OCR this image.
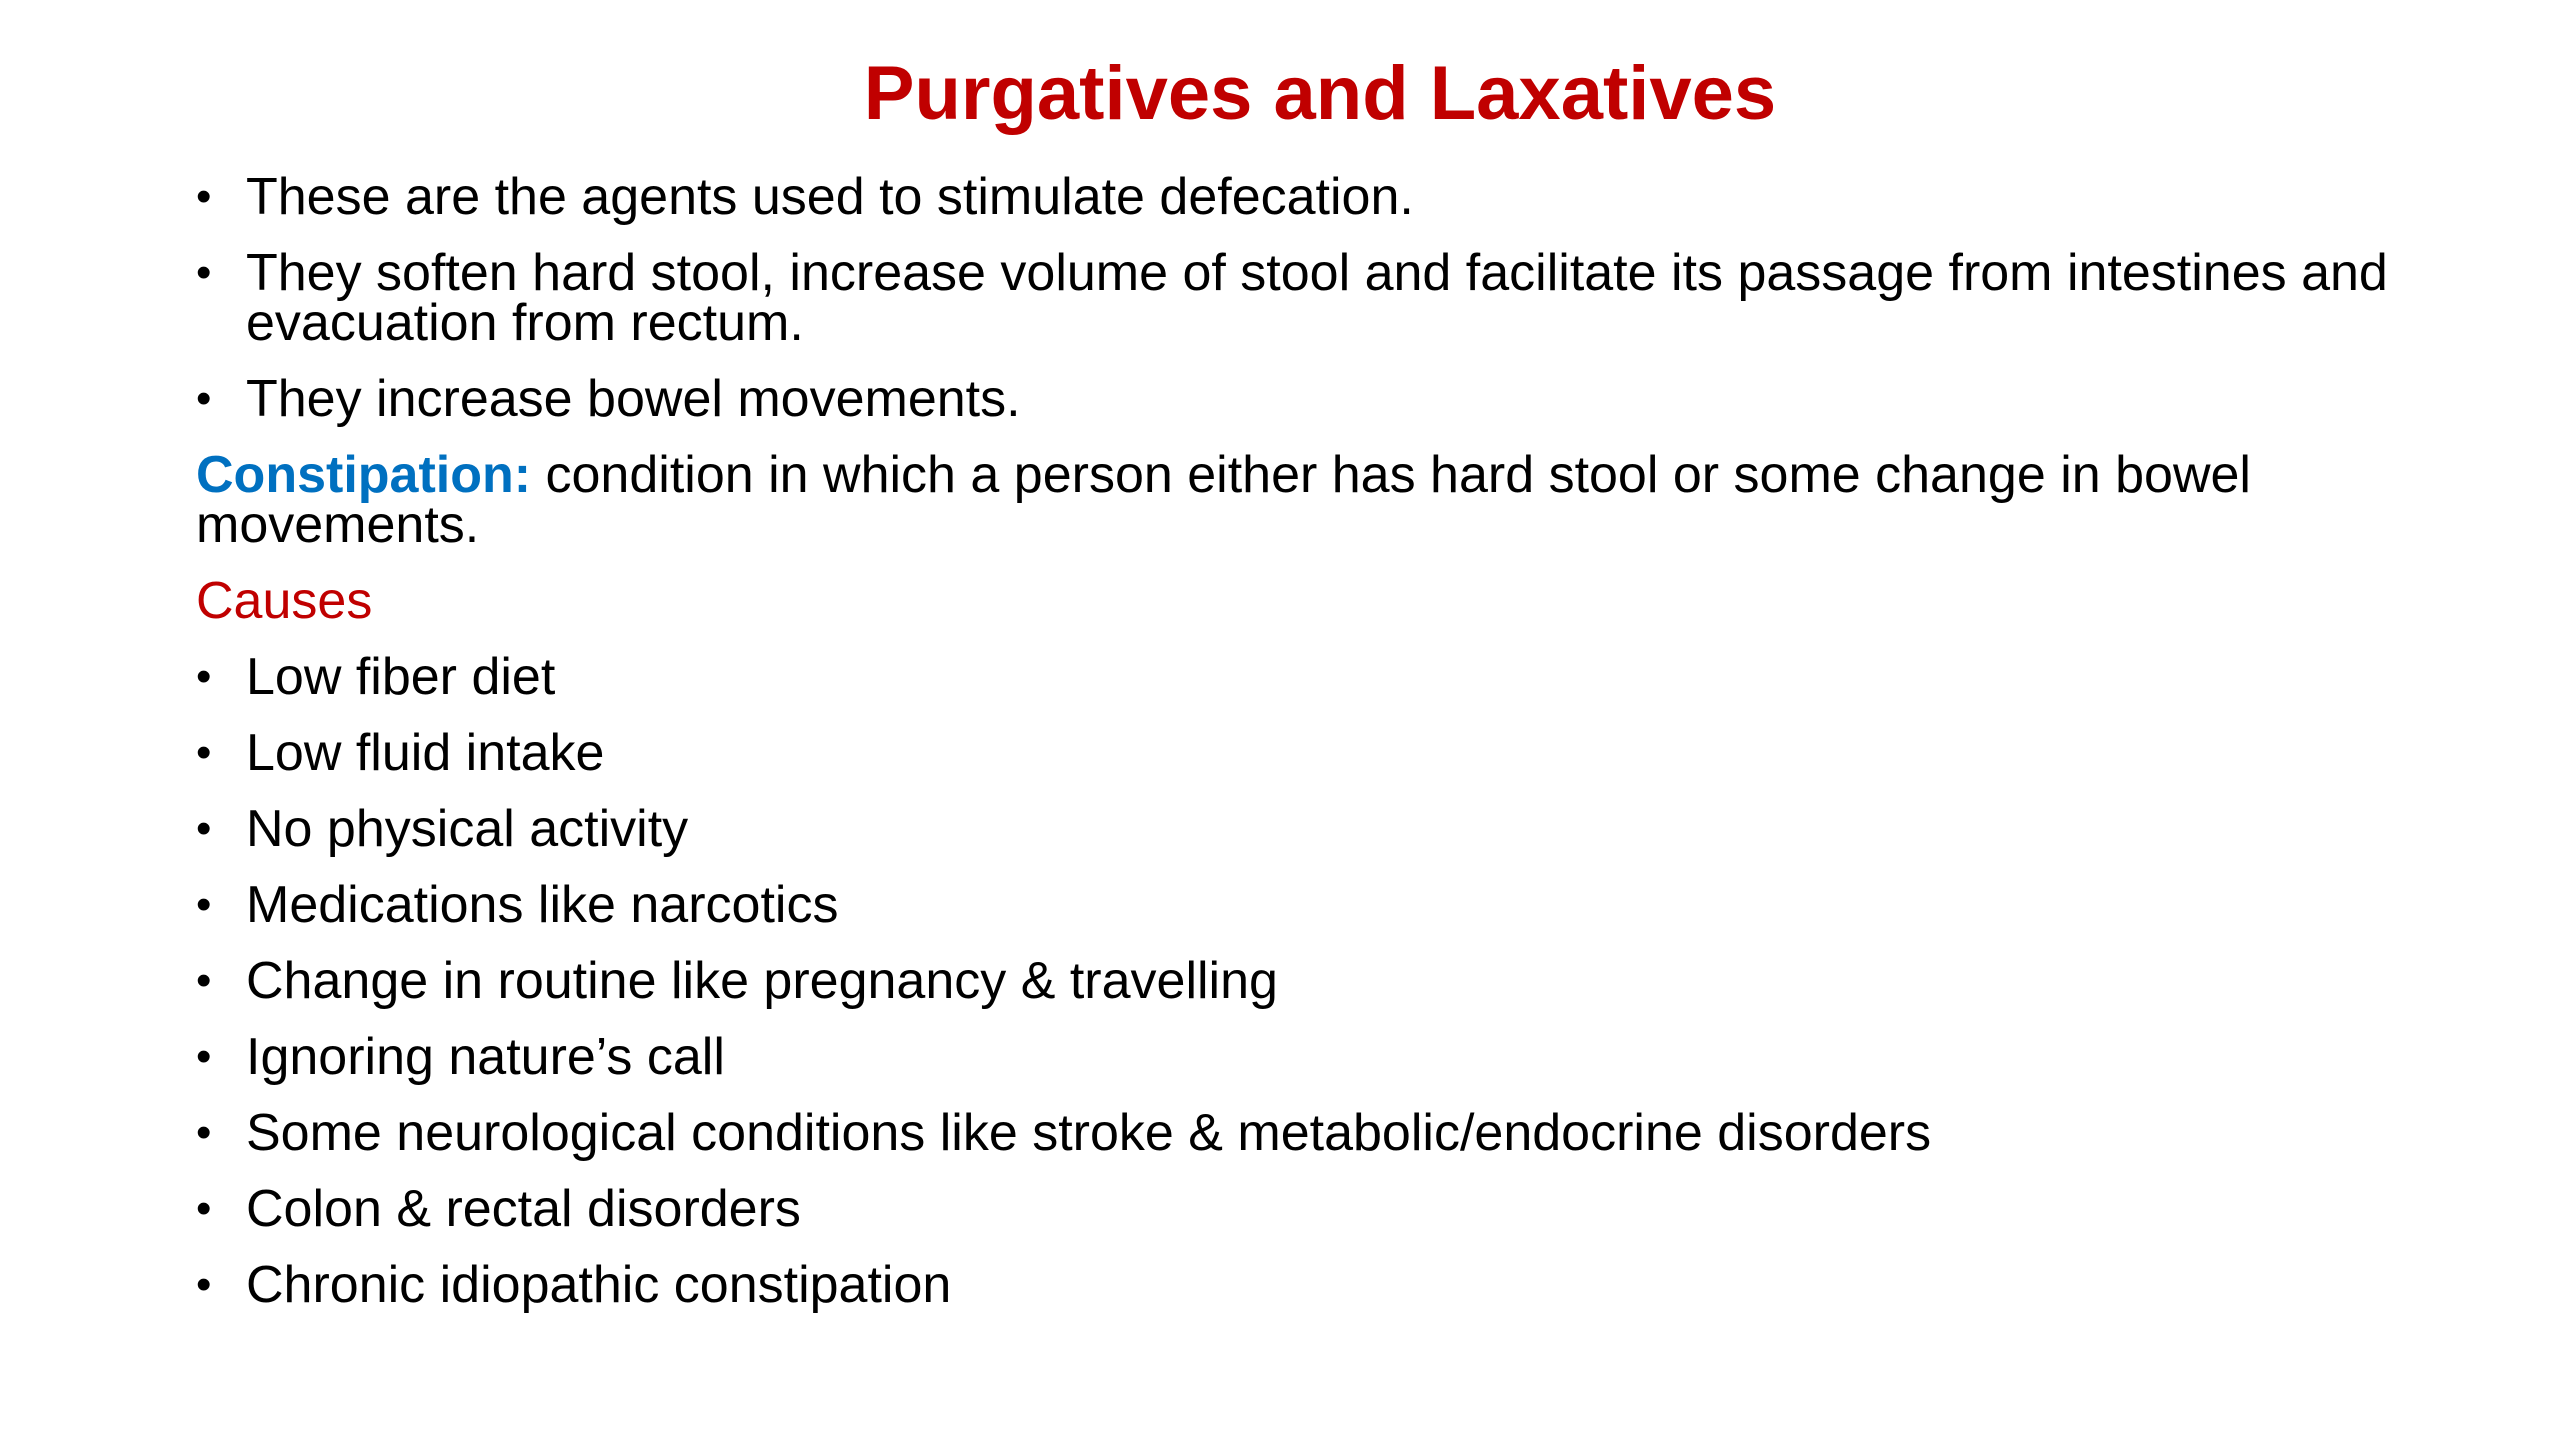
Purgatives and Laxatives
• These are the agents used to stimulate defecation.
• They soften hard stool, increase volume of stool and facilitate its passage from intestines and evacuation from rectum.
• They increase bowel movements.

Constipation: condition in which a person either has hard stool or some change in bowel movements.

Causes

• Low fiber diet
• Low fluid intake
• No physical activity
• Medications like narcotics
• Change in routine like pregnancy & travelling
• Ignoring nature’s call
• Some neurological conditions like stroke & metabolic/endocrine disorders
• Colon & rectal disorders
• Chronic idiopathic constipation
